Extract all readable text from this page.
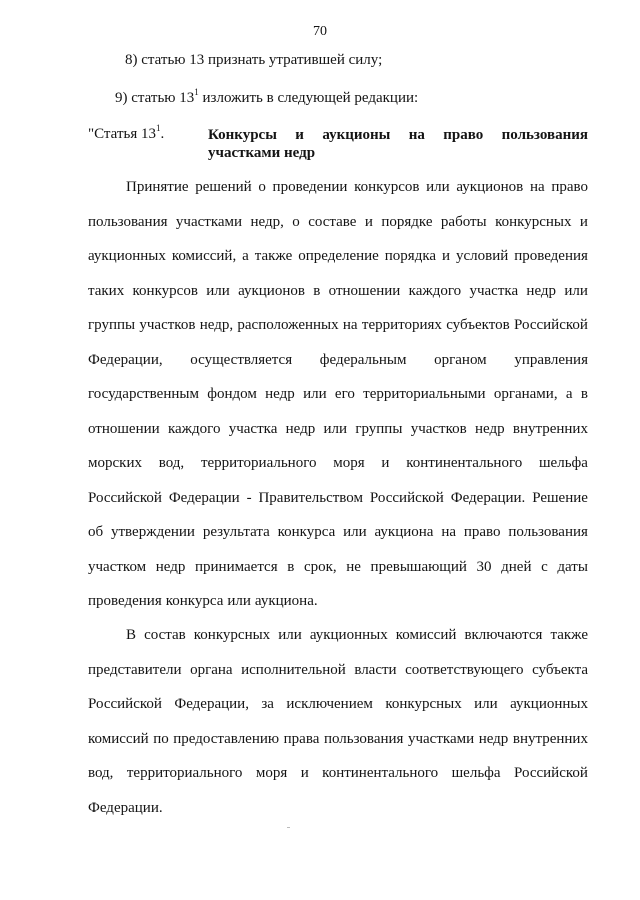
70
8) статью 13 признать утратившей силу;
9) статью $13^1$ изложить в следующей редакции:
"Статья $13^1$.	Конкурсы и аукционы на право пользования
участками недр
Принятие решений о проведении конкурсов или аукционов на право
пользования участками недр, о составе и порядке работы конкурсных и
аукционных комиссий, а также определение порядка и условий проведения
таких конкурсов или аукционов в отношении каждого участка недр или
группы участков недр, расположенных на территориях субъектов Российской
Федерации, осуществляется федеральным органом управления
государственным фондом недр или его территориальными органами, а в
отношении каждого участка недр или группы участков недр внутренних
морских вод, территориального моря и континентального шельфа
Российской Федерации - Правительством Российской Федерации. Решение
об утверждении результата конкурса или аукциона на право пользования
участком недр принимается в срок, не превышающий 30 дней с даты
проведения конкурса или аукциона.
В состав конкурсных или аукционных комиссий включаются также
представители органа исполнительной власти соответствующего субъекта
Российской Федерации, за исключением конкурсных или аукционных
комиссий по предоставлению права пользования участками недр внутренних
вод, территориального моря и континентального шельфа Российской
Федерации.
